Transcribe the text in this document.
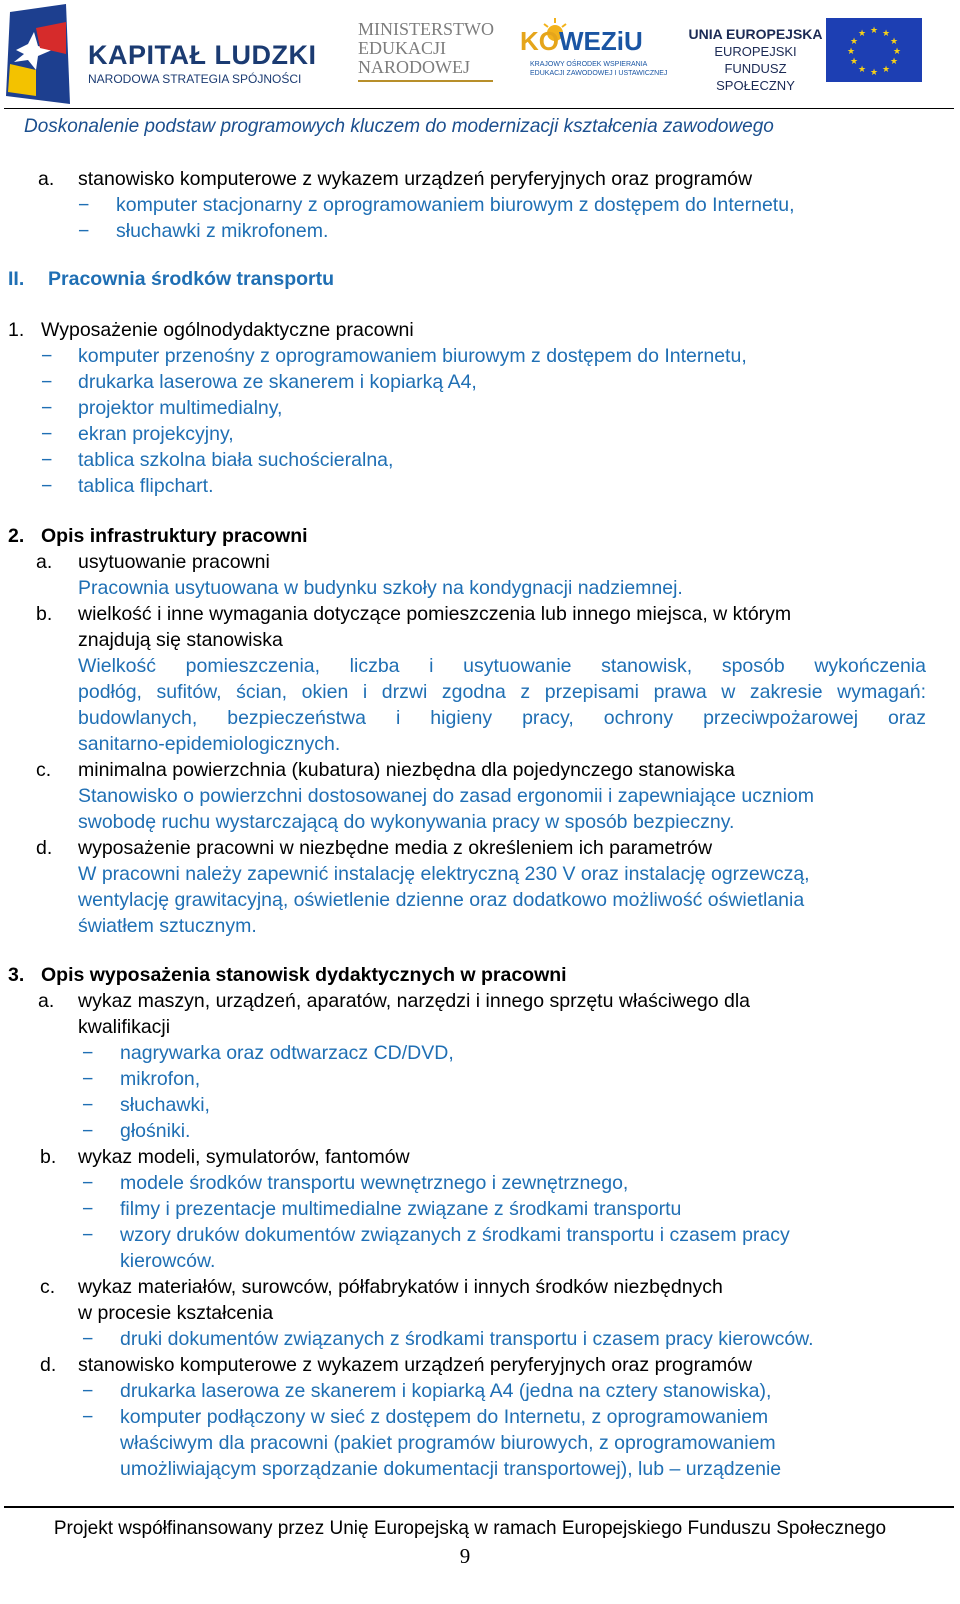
KAPITAŁ LUDZKI
NARODOWA STRATEGIA SPÓJNOŚCI
MINISTERSTWO
EDUKACJI
NARODOWEJ
KOWEZiU
KRAJOWY OŚRODEK WSPIERANIA
EDUKACJI ZAWODOWEJ I USTAWICZNEJ
UNIA EUROPEJSKA
EUROPEJSKI
FUNDUSZ SPOŁECZNY
★ ★
★
★
★
★
★
★
★
★
★
★
Doskonalenie podstaw programowych kluczem do modernizacji kształcenia zawodowego
a. stanowisko komputerowe z wykazem urządzeń peryferyjnych oraz programów
− komputer stacjonarny z oprogramowaniem biurowym z dostępem do Internetu,
− słuchawki z mikrofonem.
II. Pracownia środków transportu
1. Wyposażenie ogólnodydaktyczne pracowni
− komputer przenośny z oprogramowaniem biurowym z dostępem do Internetu,
− drukarka laserowa ze skanerem i kopiarką A4,
− projektor multimedialny,
− ekran projekcyjny,
− tablica szkolna biała suchościeralna,
− tablica flipchart.
2. Opis infrastruktury pracowni
a. usytuowanie pracowni
Pracownia usytuowana w budynku szkoły na kondygnacji nadziemnej.
b. wielkość i inne wymagania dotyczące pomieszczenia lub innego miejsca, w którym
znajdują się stanowiska
Wielkość pomieszczenia, liczba i usytuowanie stanowisk, sposób wykończenia
podłóg, sufitów, ścian, okien i drzwi zgodna z przepisami prawa w zakresie wymagań:
budowlanych, bezpieczeństwa i higieny pracy, ochrony przeciwpożarowej oraz
sanitarno-epidemiologicznych.
c. minimalna powierzchnia (kubatura) niezbędna dla pojedynczego stanowiska
Stanowisko o powierzchni dostosowanej do zasad ergonomii i zapewniające uczniom
swobodę ruchu wystarczającą do wykonywania pracy w sposób bezpieczny.
d. wyposażenie pracowni w niezbędne media z określeniem ich parametrów
W pracowni należy zapewnić instalację elektryczną 230 V oraz instalację ogrzewczą,
wentylację grawitacyjną, oświetlenie dzienne oraz dodatkowo możliwość oświetlania
światłem sztucznym.
3. Opis wyposażenia stanowisk dydaktycznych w pracowni
a. wykaz maszyn, urządzeń, aparatów, narzędzi i innego sprzętu właściwego dla
kwalifikacji
− nagrywarka oraz odtwarzacz CD/DVD,
− mikrofon,
− słuchawki,
− głośniki.
b. wykaz modeli, symulatorów, fantomów
− modele środków transportu wewnętrznego i zewnętrznego,
− filmy i prezentacje multimedialne związane z środkami transportu
− wzory druków dokumentów związanych z środkami transportu i czasem pracy
kierowców.
c. wykaz materiałów, surowców, półfabrykatów i innych środków niezbędnych
w procesie kształcenia
− druki dokumentów związanych z środkami transportu i czasem pracy kierowców.
d. stanowisko komputerowe z wykazem urządzeń peryferyjnych oraz programów
− drukarka laserowa ze skanerem i kopiarką A4 (jedna na cztery stanowiska),
− komputer podłączony w sieć z dostępem do Internetu, z oprogramowaniem
właściwym dla pracowni (pakiet programów biurowych, z oprogramowaniem
umożliwiającym sporządzanie dokumentacji transportowej), lub – urządzenie
Projekt współfinansowany przez Unię Europejską w ramach Europejskiego Funduszu Społecznego
9
